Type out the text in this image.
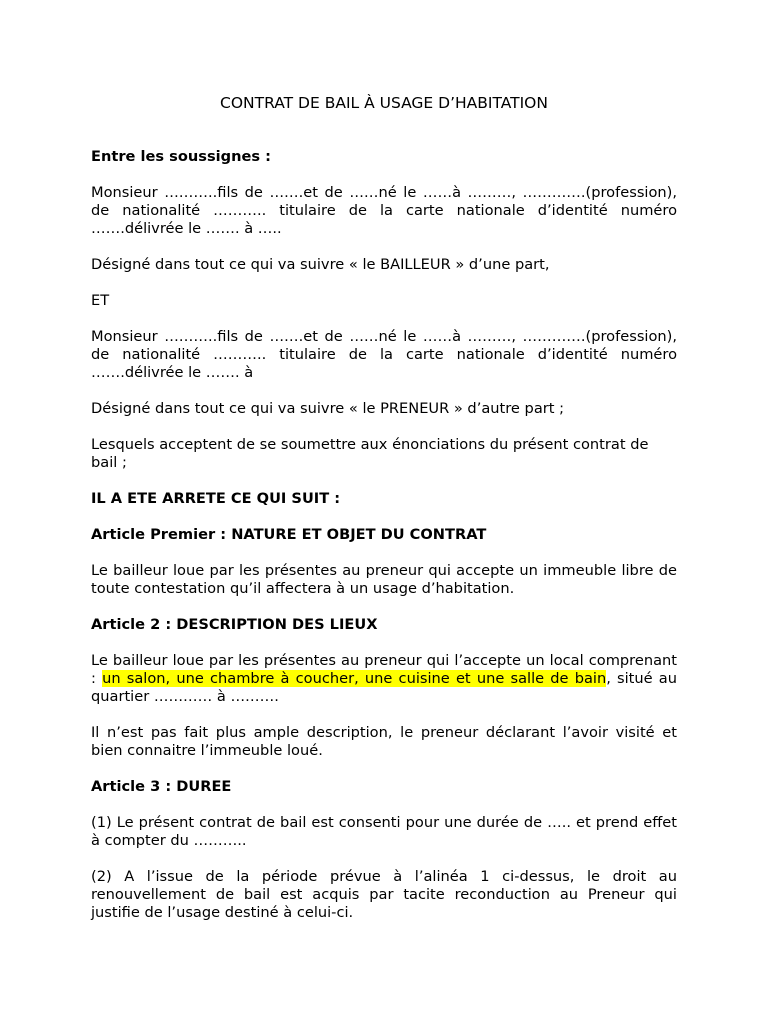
CONTRAT DE BAIL À USAGE D’HABITATION

Entre les soussignes :

Monsieur ………..fils de …….et de ……né le ……à ………, ………….(profession), de nationalité ……….. titulaire de la carte nationale d’identité numéro …….délivrée le ……. à …..

Désigné dans tout ce qui va suivre « le BAILLEUR » d’une part,

ET

Monsieur ………..fils de …….et de ……né le ……à ………, ………….(profession), de nationalité ……….. titulaire de la carte nationale d’identité numéro …….délivrée le ……. à

Désigné dans tout ce qui va suivre « le PRENEUR » d’autre part ;

Lesquels acceptent de se soumettre aux énonciations du présent contrat de bail ;

IL A ETE ARRETE CE QUI SUIT :

Article Premier : NATURE ET OBJET DU CONTRAT

Le bailleur loue par les présentes au preneur qui accepte un immeuble libre de toute contestation qu’il affectera à un usage d’habitation.

Article 2 : DESCRIPTION DES LIEUX

Le bailleur loue par les présentes au preneur qui l’accepte un local comprenant : un salon, une chambre à coucher, une cuisine et une salle de bain, situé au quartier ………… à ……….

Il n’est pas fait plus ample description, le preneur déclarant l’avoir visité et bien connaitre l’immeuble loué.

Article 3 : DUREE

(1) Le présent contrat de bail est consenti pour une durée de ….. et prend effet à compter du ………..

(2) A l’issue de la période prévue à l’alinéa 1 ci-dessus, le droit au renouvellement de bail est acquis par tacite reconduction au Preneur qui justifie de l’usage destiné à celui-ci.
